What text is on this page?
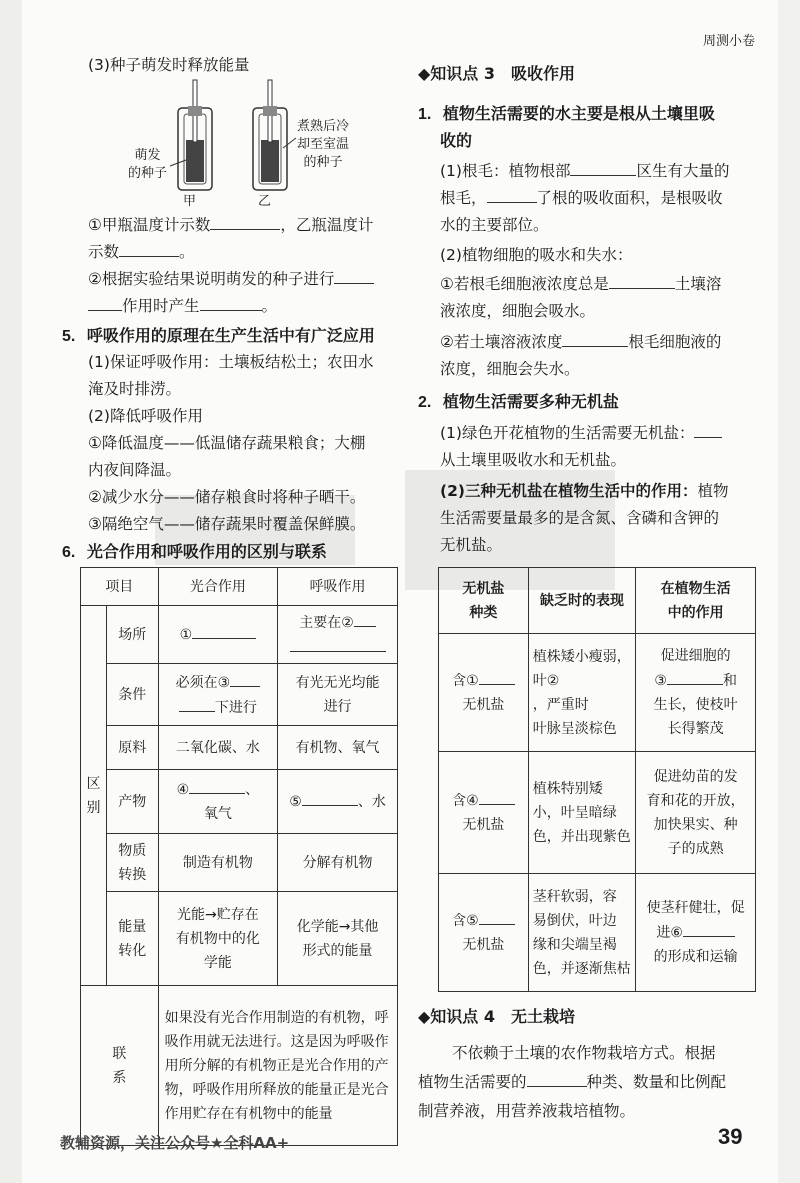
周测小卷
(3)种子萌发时释放能量
萌发
的种子
煮熟后冷
却至室温
的种子
甲	乙
①甲瓶温度计示数	，乙瓶温度计
示数	。
②根据实验结果说明萌发的种子进行
作用时产生	。
5. 呼吸作用的原理在生产生活中有广泛应用
(1)保证呼吸作用：土壤板结松土；农田水
淹及时排涝。
(2)降低呼吸作用
①降低温度——低温储存蔬果粮食；大棚
内夜间降温。
②减少水分——储存粮食时将种子晒干。
③隔绝空气——储存蔬果时覆盖保鲜膜。
6. 光合作用和呼吸作用的区别与联系
项目		光合作用	呼吸作用
区
别	场所	①	主要在②

	条件	必须在③
下进行	有光无光均能
进行
	原料	二氧化碳、水	有机物、氧气
	产物	④ 、
氧气	⑤ 、水
	物质
转换	制造有机物	分解有机物
	能量
转化	光能→贮存在
有机物中的化
学能	化学能→其他
形式的能量
联
系		如果没有光合作用制造的有机物，呼吸作用就无法进行。这是因为呼吸作用所分解的有机物正是光合作用的产物，呼吸作用所释放的能量正是光合作用贮存在有机物中的能量	
◆知识点 3　吸收作用
1. 植物生活需要的水主要是根从土壤里吸
收的
(1)根毛：植物根部	区生有大量的
根毛，	了根的吸收面积，是根吸收
水的主要部位。
(2)植物细胞的吸水和失水：
①若根毛细胞液浓度总是	土壤溶
液浓度，细胞会吸水。
②若土壤溶液浓度	根毛细胞液的
浓度，细胞会失水。
2. 植物生活需要多种无机盐
(1)绿色开花植物的生活需要无机盐：
从土壤里吸收水和无机盐。
(2)三种无机盐在植物生活中的作用：植物
生活需要量最多的是含氮、含磷和含钾的
无机盐。
无机盐
种类	缺乏时的表现	在植物生活
中的作用
含①
无机盐	植株矮小瘦弱，叶②
，严重时
叶脉呈淡棕色	促进细胞的
③ 和
生长，使枝叶
长得繁茂
含④
无机盐	植株特别矮
小，叶呈暗绿
色，并出现紫色	促进幼苗的发
育和花的开放，
加快果实、种
子的成熟
含⑤
无机盐	茎秆软弱，容
易倒伏，叶边
缘和尖端呈褐
色，并逐渐焦枯	使茎秆健壮，促
进⑥
的形成和运输
◆知识点 4　无土栽培
不依赖于土壤的农作物栽培方式。根据
植物生活需要的	种类、数量和比例配
制营养液，用营养液栽培植物。
教辅资源，关注公众号★全科AA+	39
